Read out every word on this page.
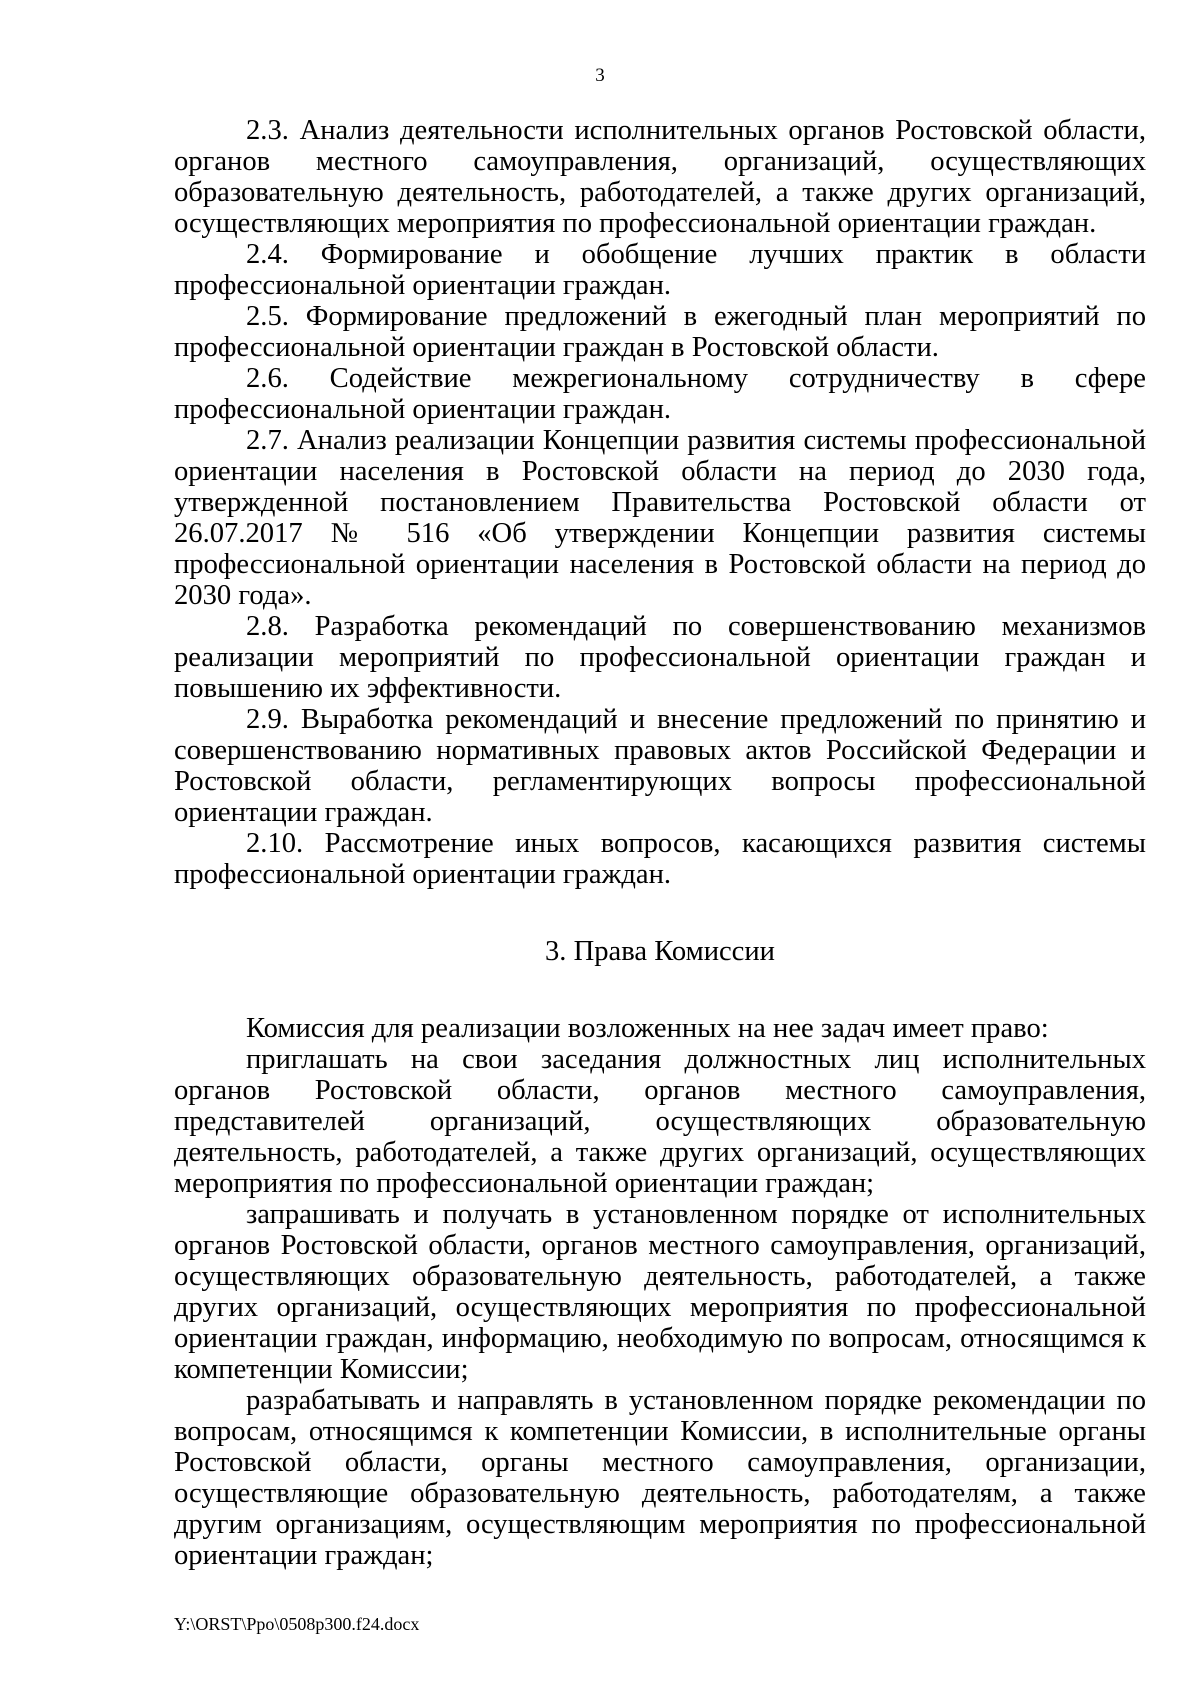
3

2.3. Анализ деятельности исполнительных органов Ростовской области, органов местного самоуправления, организаций, осуществляющих образовательную деятельность, работодателей, а также других организаций, осуществляющих мероприятия по профессиональной ориентации граждан.

2.4. Формирование и обобщение лучших практик в области профессиональной ориентации граждан.

2.5. Формирование предложений в ежегодный план мероприятий по профессиональной ориентации граждан в Ростовской области.

2.6. Содействие межрегиональному сотрудничеству в сфере профессиональной ориентации граждан.

2.7. Анализ реализации Концепции развития системы профессиональной ориентации населения в Ростовской области на период до 2030 года, утвержденной постановлением Правительства Ростовской области от 26.07.2017 № 516 «Об утверждении Концепции развития системы профессиональной ориентации населения в Ростовской области на период до 2030 года».

2.8. Разработка рекомендаций по совершенствованию механизмов реализации мероприятий по профессиональной ориентации граждан и повышению их эффективности.

2.9. Выработка рекомендаций и внесение предложений по принятию и совершенствованию нормативных правовых актов Российской Федерации и Ростовской области, регламентирующих вопросы профессиональной ориентации граждан.

2.10. Рассмотрение иных вопросов, касающихся развития системы профессиональной ориентации граждан.

3. Права Комиссии

Комиссия для реализации возложенных на нее задач имеет право:

приглашать на свои заседания должностных лиц исполнительных органов Ростовской области, органов местного самоуправления, представителей организаций, осуществляющих образовательную деятельность, работодателей, а также других организаций, осуществляющих мероприятия по профессиональной ориентации граждан;

запрашивать и получать в установленном порядке от исполнительных органов Ростовской области, органов местного самоуправления, организаций, осуществляющих образовательную деятельность, работодателей, а также других организаций, осуществляющих мероприятия по профессиональной ориентации граждан, информацию, необходимую по вопросам, относящимся к компетенции Комиссии;

разрабатывать и направлять в установленном порядке рекомендации по вопросам, относящимся к компетенции Комиссии, в исполнительные органы Ростовской области, органы местного самоуправления, организации, осуществляющие образовательную деятельность, работодателям, а также другим организациям, осуществляющим мероприятия по профессиональной ориентации граждан;

Y:\ORST\Ppo\0508p300.f24.docx
